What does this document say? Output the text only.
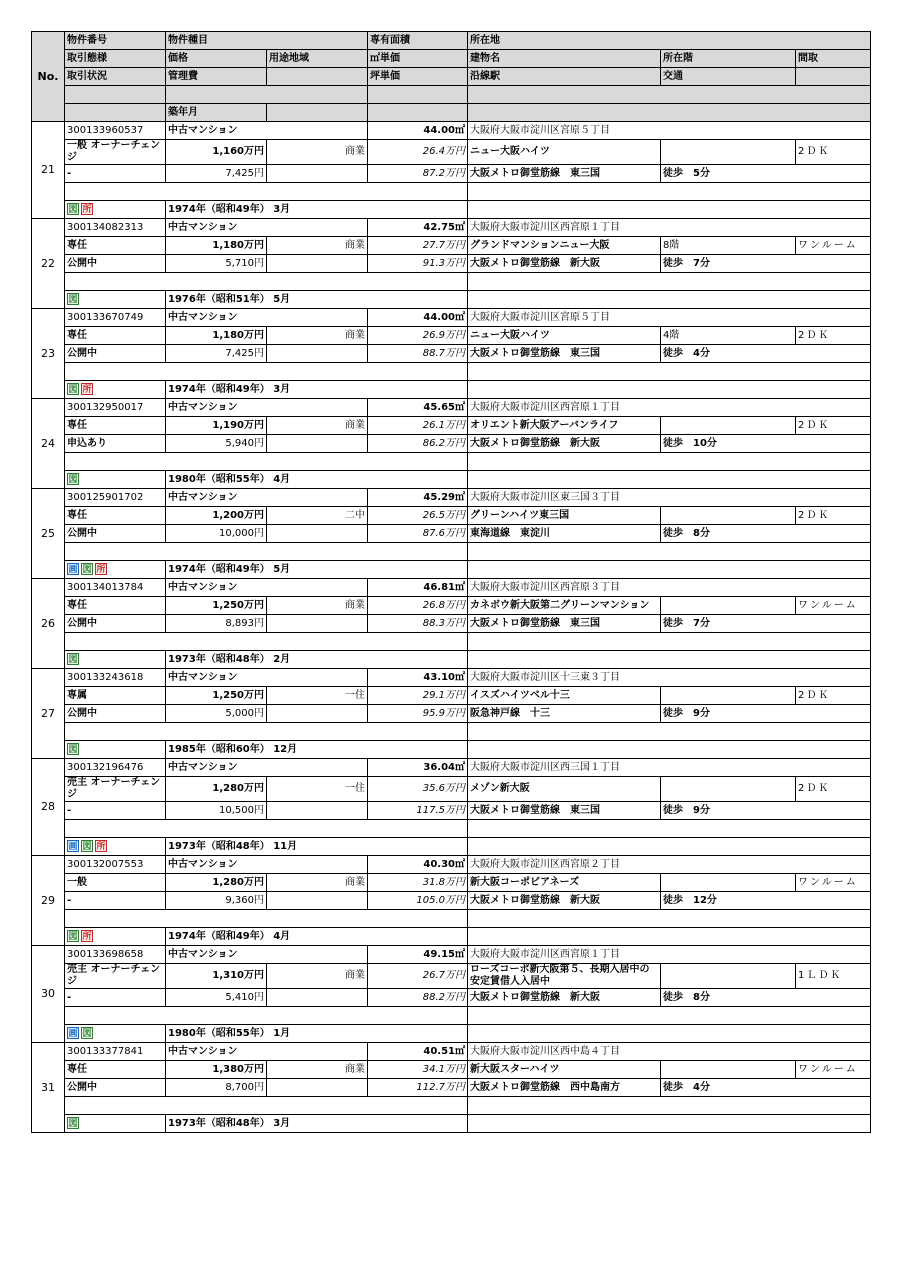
No.	物件番号	物件種目		専有面積	所在地		
	取引態様	価格	用途地域	㎡単価	建物名	所在階	間取
	取引状況	管理費		坪単価	沿線駅	交通	

		築年月					
21	300133960537	中古マンション		44.00㎡	大阪府大阪市淀川区宮原５丁目		
	一般 オーナーチェンジ	1,160万円	商業	26.4万円	ニュー大阪ハイツ		2ＤＫ
	-	7,425円		87.2万円	大阪メトロ御堂筋線　東三国	徒歩　5分	

	図 所	1974年（昭和49年） 3月					
22	300134082313	中古マンション		42.75㎡	大阪府大阪市淀川区西宮原１丁目		
	専任	1,180万円	商業	27.7万円	グランドマンションニュー大阪	8階	ワンルーム
	公開中	5,710円		91.3万円	大阪メトロ御堂筋線　新大阪	徒歩　7分	

	図	1976年（昭和51年） 5月					
23	300133670749	中古マンション		44.00㎡	大阪府大阪市淀川区宮原５丁目		
	専任	1,180万円	商業	26.9万円	ニュー大阪ハイツ	4階	2ＤＫ
	公開中	7,425円		88.7万円	大阪メトロ御堂筋線　東三国	徒歩　4分	

	図 所	1974年（昭和49年） 3月					
24	300132950017	中古マンション		45.65㎡	大阪府大阪市淀川区西宮原１丁目		
	専任	1,190万円	商業	26.1万円	オリエント新大阪アーバンライフ		2ＤＫ
	申込あり	5,940円		86.2万円	大阪メトロ御堂筋線　新大阪	徒歩　10分	

	図	1980年（昭和55年） 4月					
25	300125901702	中古マンション		45.29㎡	大阪府大阪市淀川区東三国３丁目		
	専任	1,200万円	二中	26.5万円	グリーンハイツ東三国		2ＤＫ
	公開中	10,000円		87.6万円	東海道線　東淀川	徒歩　8分	

	画 図 所	1974年（昭和49年） 5月					
26	300134013784	中古マンション		46.81㎡	大阪府大阪市淀川区西宮原３丁目		
	専任	1,250万円	商業	26.8万円	カネボウ新大阪第二グリーンマンション		ワンルーム
	公開中	8,893円		88.3万円	大阪メトロ御堂筋線　東三国	徒歩　7分	

	図	1973年（昭和48年） 2月					
27	300133243618	中古マンション		43.10㎡	大阪府大阪市淀川区十三東３丁目		
	専属	1,250万円	一住	29.1万円	イスズハイツベル十三		2ＤＫ
	公開中	5,000円		95.9万円	阪急神戸線　十三	徒歩　9分	

	図	1985年（昭和60年） 12月					
28	300132196476	中古マンション		36.04㎡	大阪府大阪市淀川区西三国１丁目		
	売主 オーナーチェンジ	1,280万円	一住	35.6万円	メゾン新大阪		2ＤＫ
	-	10,500円		117.5万円	大阪メトロ御堂筋線　東三国	徒歩　9分	

	画 図 所	1973年（昭和48年） 11月					
29	300132007553	中古マンション		40.30㎡	大阪府大阪市淀川区西宮原２丁目		
	一般	1,280万円	商業	31.8万円	新大阪コーポビアネーズ		ワンルーム
	-	9,360円		105.0万円	大阪メトロ御堂筋線　新大阪	徒歩　12分	

	図 所	1974年（昭和49年） 4月					
30	300133698658	中古マンション		49.15㎡	大阪府大阪市淀川区西宮原１丁目		
	売主 オーナーチェンジ	1,310万円	商業	26.7万円	ローズコーポ新大阪第５、長期入居中の安定賃借人入居中		1ＬＤＫ
	-	5,410円		88.2万円	大阪メトロ御堂筋線　新大阪	徒歩　8分	

	画 図	1980年（昭和55年） 1月					
31	300133377841	中古マンション		40.51㎡	大阪府大阪市淀川区西中島４丁目		
	専任	1,380万円	商業	34.1万円	新大阪スターハイツ		ワンルーム
	公開中	8,700円		112.7万円	大阪メトロ御堂筋線　西中島南方	徒歩　4分	

	図	1973年（昭和48年） 3月					
